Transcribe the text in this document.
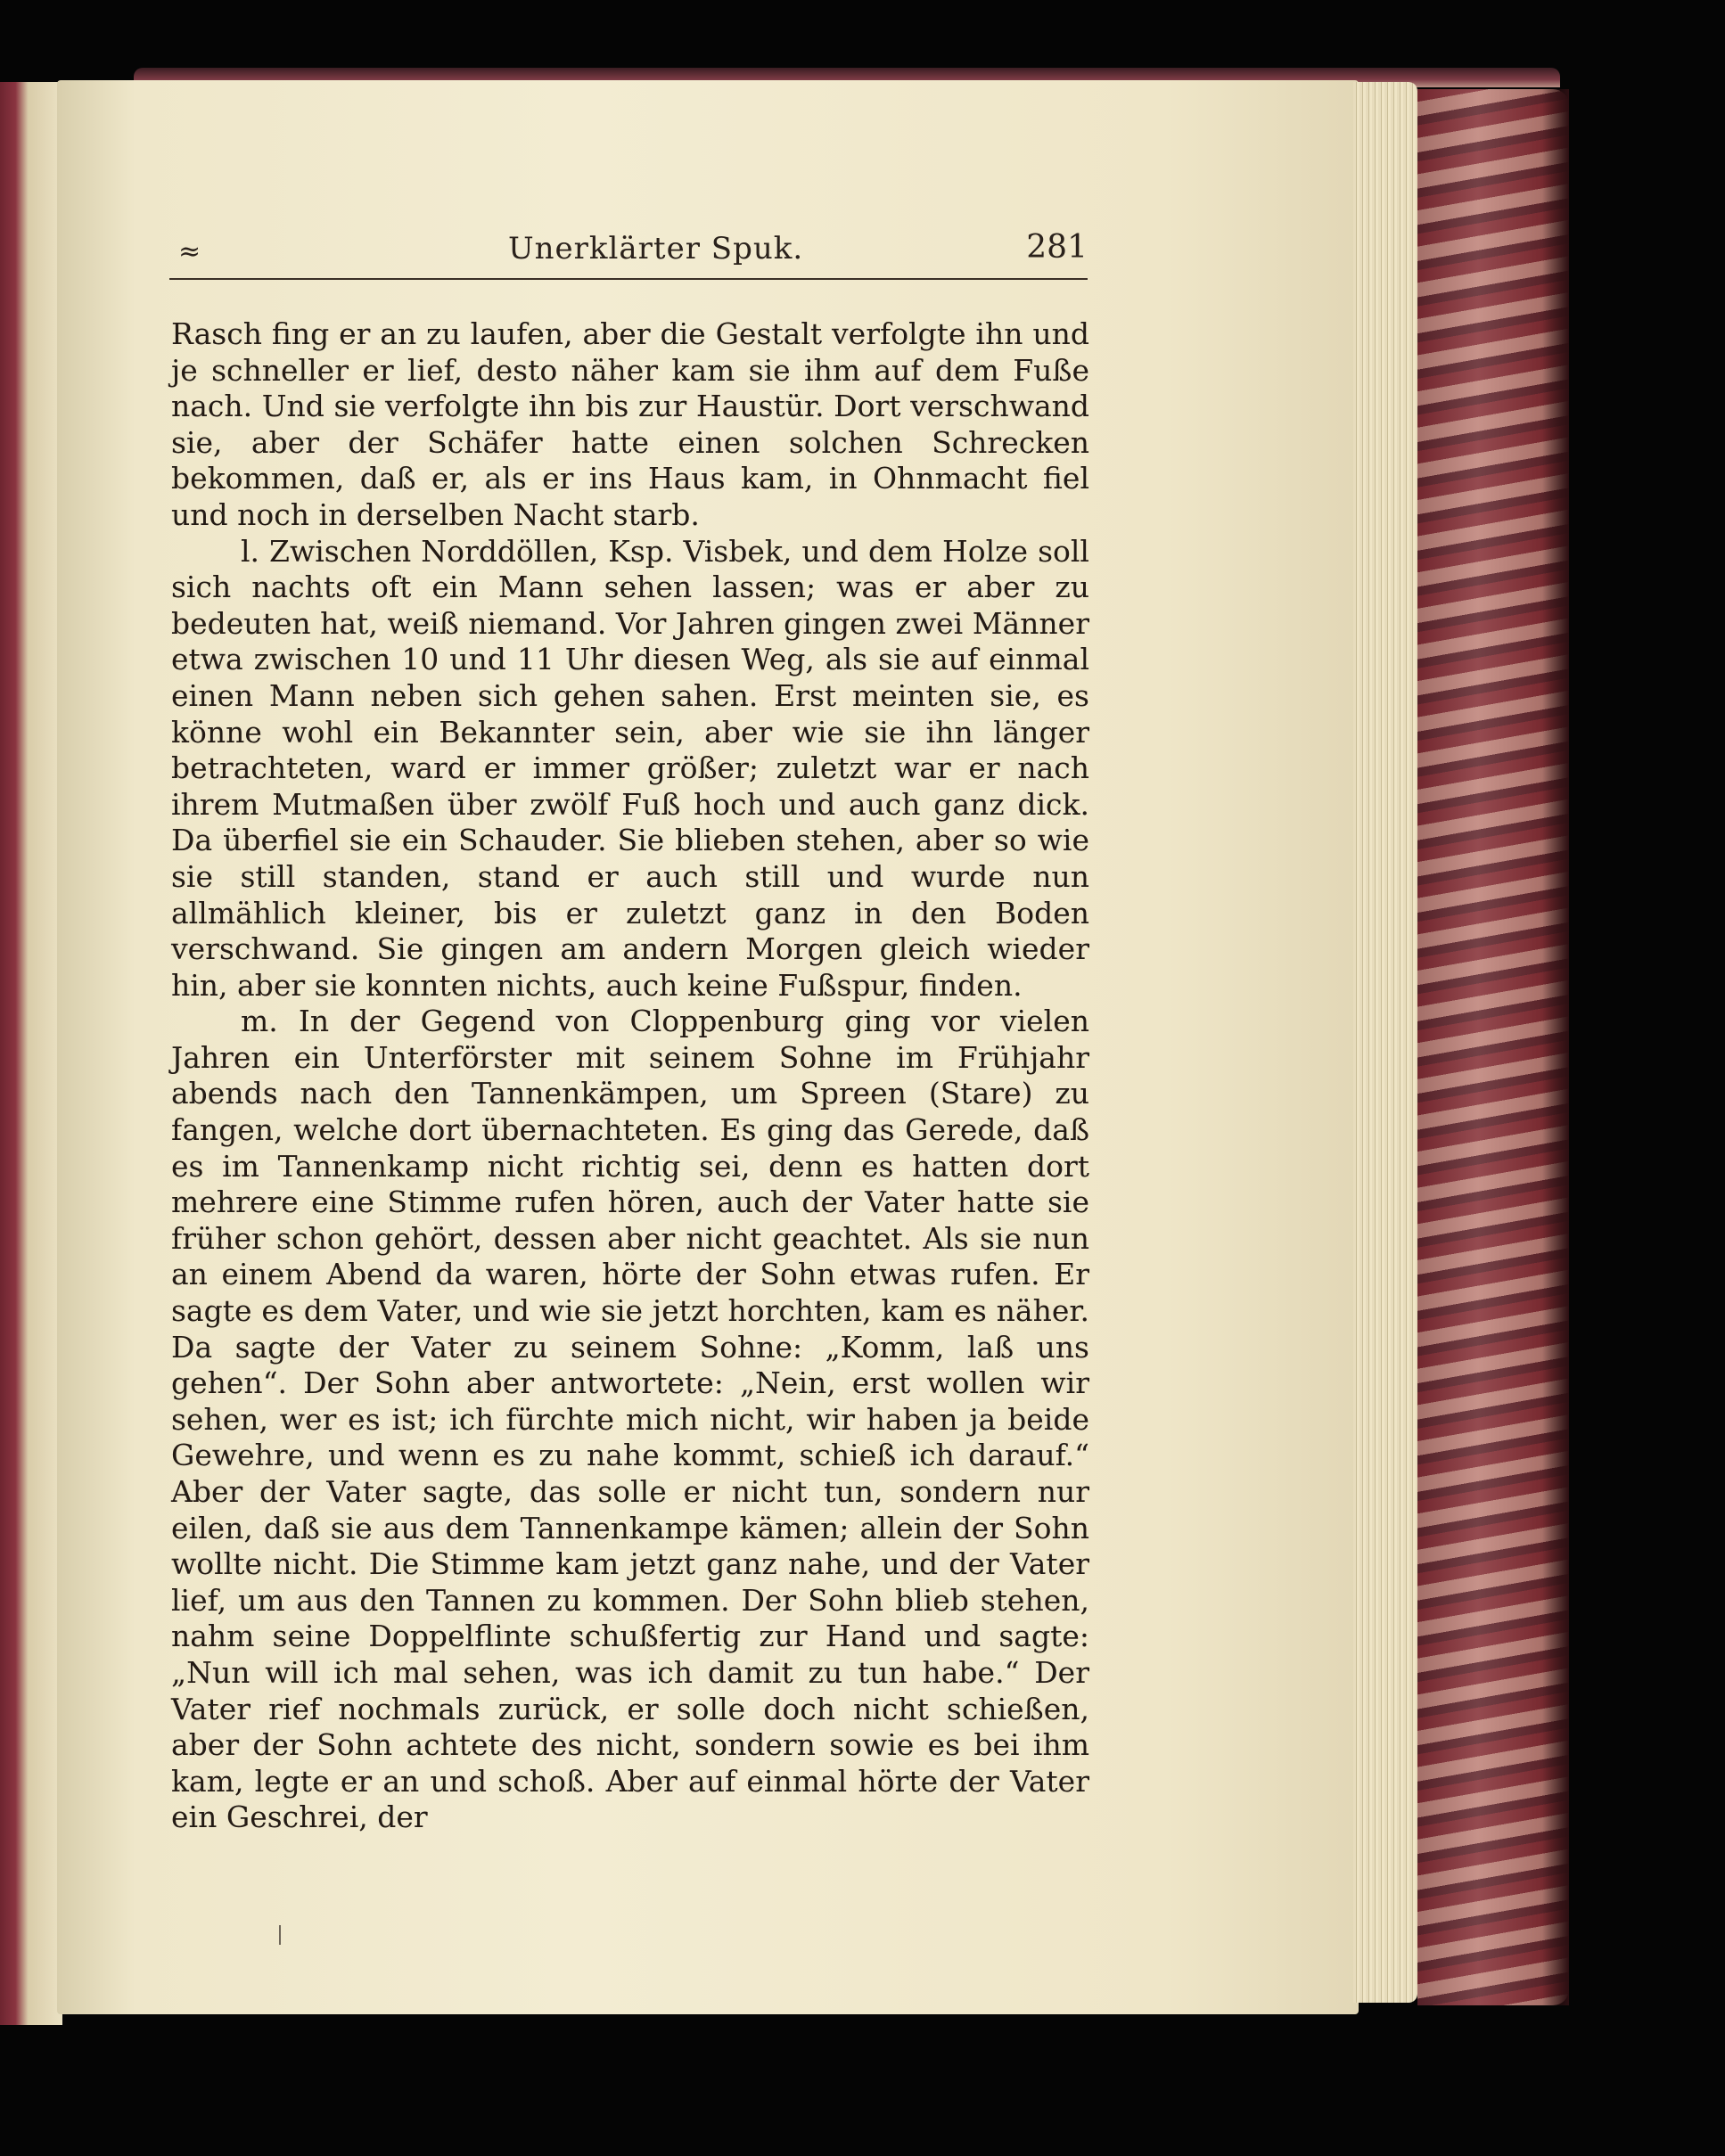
≈	Unerklärter Spuk.	281

Rasch fing er an zu laufen, aber die Gestalt verfolgte ihn und je schneller er lief, desto näher kam sie ihm auf dem Fuße nach. Und sie verfolgte ihn bis zur Haustür. Dort verschwand sie, aber der Schäfer hatte einen solchen Schrecken bekommen, daß er, als er ins Haus kam, in Ohnmacht fiel und noch in derselben Nacht starb.

l. Zwischen Norddöllen, Ksp. Visbek, und dem Holze soll sich nachts oft ein Mann sehen lassen; was er aber zu bedeuten hat, weiß niemand. Vor Jahren gingen zwei Männer etwa zwischen 10 und 11 Uhr diesen Weg, als sie auf einmal einen Mann neben sich gehen sahen. Erst meinten sie, es könne wohl ein Bekannter sein, aber wie sie ihn länger betrachteten, ward er immer größer; zuletzt war er nach ihrem Mutmaßen über zwölf Fuß hoch und auch ganz dick. Da überfiel sie ein Schauder. Sie blieben stehen, aber so wie sie still standen, stand er auch still und wurde nun allmählich kleiner, bis er zuletzt ganz in den Boden verschwand. Sie gingen am andern Morgen gleich wieder hin, aber sie konnten nichts, auch keine Fußspur, finden.

m. In der Gegend von Cloppenburg ging vor vielen Jahren ein Unterförster mit seinem Sohne im Frühjahr abends nach den Tannenkämpen, um Spreen (Stare) zu fangen, welche dort übernachteten. Es ging das Gerede, daß es im Tannenkamp nicht richtig sei, denn es hatten dort mehrere eine Stimme rufen hören, auch der Vater hatte sie früher schon gehört, dessen aber nicht geachtet. Als sie nun an einem Abend da waren, hörte der Sohn etwas rufen. Er sagte es dem Vater, und wie sie jetzt horchten, kam es näher. Da sagte der Vater zu seinem Sohne: „Komm, laß uns gehen“. Der Sohn aber antwortete: „Nein, erst wollen wir sehen, wer es ist; ich fürchte mich nicht, wir haben ja beide Gewehre, und wenn es zu nahe kommt, schieß ich darauf.“ Aber der Vater sagte, das solle er nicht tun, sondern nur eilen, daß sie aus dem Tannenkampe kämen; allein der Sohn wollte nicht. Die Stimme kam jetzt ganz nahe, und der Vater lief, um aus den Tannen zu kommen. Der Sohn blieb stehen, nahm seine Doppelflinte schußfertig zur Hand und sagte: „Nun will ich mal sehen, was ich damit zu tun habe.“ Der Vater rief nochmals zurück, er solle doch nicht schießen, aber der Sohn achtete des nicht, sondern sowie es bei ihm kam, legte er an und schoß. Aber auf einmal hörte der Vater ein Geschrei, der
